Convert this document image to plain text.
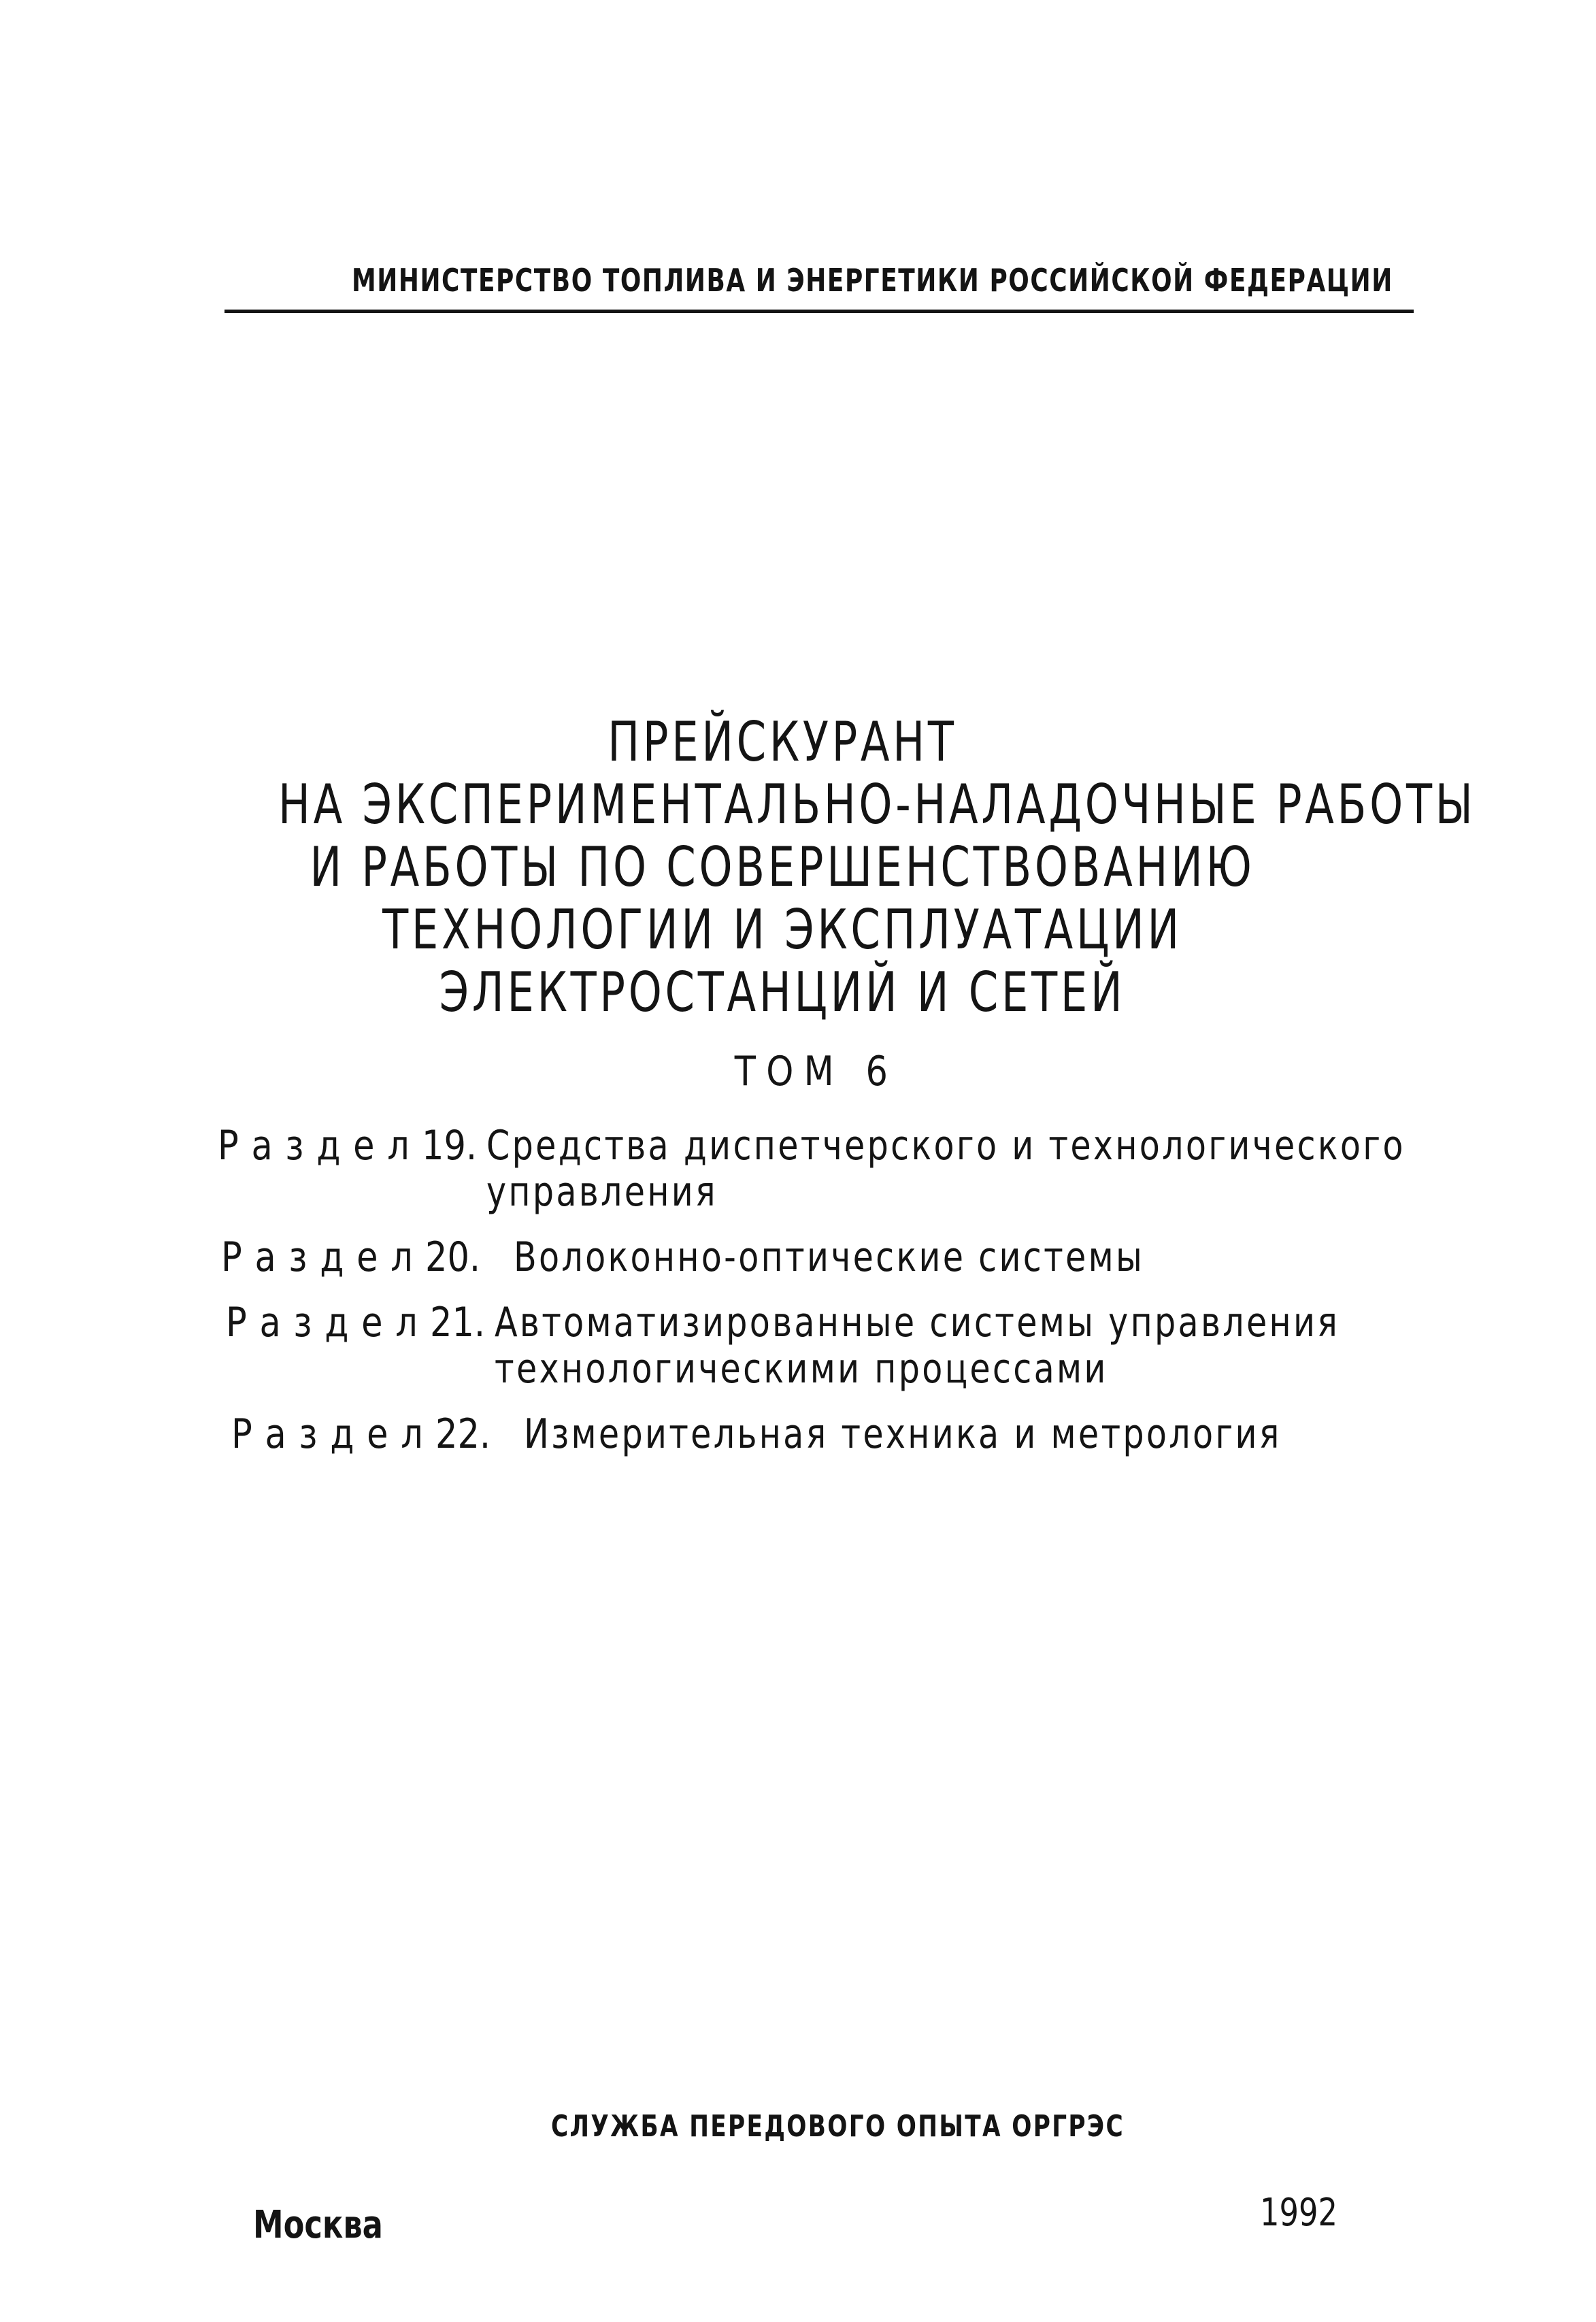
МИНИСТЕРСТВО ТОПЛИВА И ЭНЕРГЕТИКИ РОССИЙСКОЙ ФЕДЕРАЦИИ
ПРЕЙСКУРАНТ
НА ЭКСПЕРИМЕНТАЛЬНО-НАЛАДОЧНЫЕ РАБОТЫ
И РАБОТЫ ПО СОВЕРШЕНСТВОВАНИЮ
ТЕХНОЛОГИИ И ЭКСПЛУАТАЦИИ
ЭЛЕКТРОСТАНЦИЙ И СЕТЕЙ
ТОМ 6
Раздел 19. Средства диспетчерского и технологического
управления
Раздел 20. Волоконно-оптические системы
Раздел 21. Автоматизированные системы управления
технологическими процессами
Раздел 22. Измерительная техника и метрология
СЛУЖБА ПЕРЕДОВОГО ОПЫТА ОРГРЭС
Москва	1992
